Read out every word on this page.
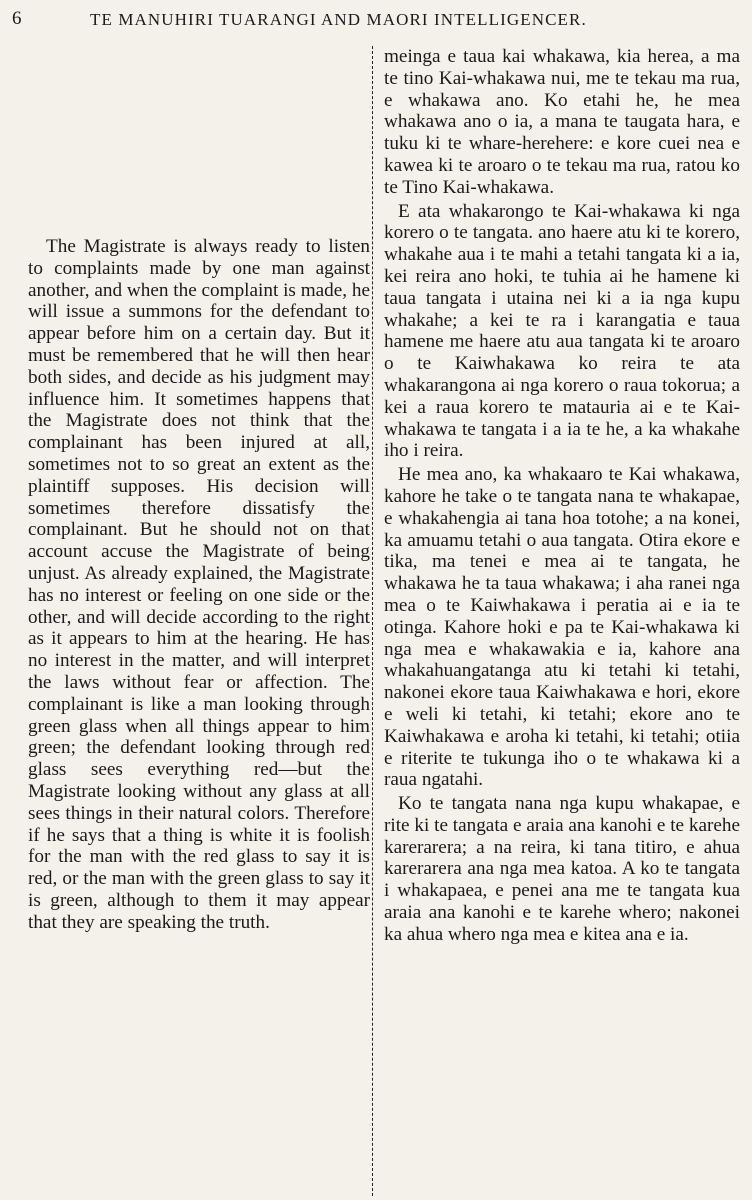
6	TE MANUHIRI TUARANGI AND MAORI INTELLIGENCER.

The Magistrate is always ready to listen to complaints made by one man against another, and when the complaint is made, he will issue a summons for the defendant to appear before him on a certain day. But it must be remembered that he will then hear both sides, and decide as his judgment may influence him. It sometimes happens that the Magistrate does not think that the complainant has been injured at all, sometimes not to so great an extent as the plaintiff supposes. His decision will sometimes therefore dissatisfy the complainant. But he should not on that account accuse the Magistrate of being unjust. As already explained, the Magistrate has no interest or feeling on one side or the other, and will decide according to the right as it appears to him at the hearing. He has no interest in the matter, and will interpret the laws without fear or affection. The complainant is like a man looking through green glass when all things appear to him green; the defendant looking through red glass sees everything red—but the Magistrate looking without any glass at all sees things in their natural colors. Therefore if he says that a thing is white it is foolish for the man with the red glass to say it is red, or the man with the green glass to say it is green, although to them it may appear that they are speaking the truth.

meinga e taua kai whakawa, kia herea, a ma te tino Kai-whakawa nui, me te tekau ma rua, e whakawa ano. Ko etahi he, he mea whakawa ano o ia, a mana te taugata hara, e tuku ki te whare-herehere: e kore cuei nea e kawea ki te aroaro o te tekau ma rua, ratou ko te Tino Kai-whakawa.

E ata whakarongo te Kai-whakawa ki nga korero o te tangata. ano haere atu ki te korero, whakahe aua i te mahi a tetahi tangata ki a ia, kei reira ano hoki, te tuhia ai he hamene ki taua tangata i utaina nei ki a ia nga kupu whakahe; a kei te ra i karangatia e taua hamene me haere atu aua tangata ki te aroaro o te Kaiwhakawa ko reira te ata whakarangona ai nga korero o raua tokorua; a kei a raua korero te matauria ai e te Kai-whakawa te tangata i a ia te he, a ka whakahe iho i reira.

He mea ano, ka whakaaro te Kai whakawa, kahore he take o te tangata nana te whakapae, e whakahengia ai tana hoa totohe; a na konei, ka amuamu tetahi o aua tangata. Otira ekore e tika, ma tenei e mea ai te tangata, he whakawa he ta taua whakawa; i aha ranei nga mea o te Kaiwhakawa i peratia ai e ia te otinga. Kahore hoki e pa te Kai-whakawa ki nga mea e whakawakia e ia, kahore ana whakahuangatanga atu ki tetahi ki tetahi, nakonei ekore taua Kaiwhakawa e hori, ekore e weli ki tetahi, ki tetahi; ekore ano te Kaiwhakawa e aroha ki tetahi, ki tetahi; otiia e riterite te tukunga iho o te whakawa ki a raua ngatahi.

Ko te tangata nana nga kupu whakapae, e rite ki te tangata e araia ana kanohi e te karehe karerarera; a na reira, ki tana titiro, e ahua karerarera ana nga mea katoa. A ko te tangata i whakapaea, e penei ana me te tangata kua araia ana kanohi e te karehe whero; nakonei ka ahua whero nga mea e kitea ana e ia.
